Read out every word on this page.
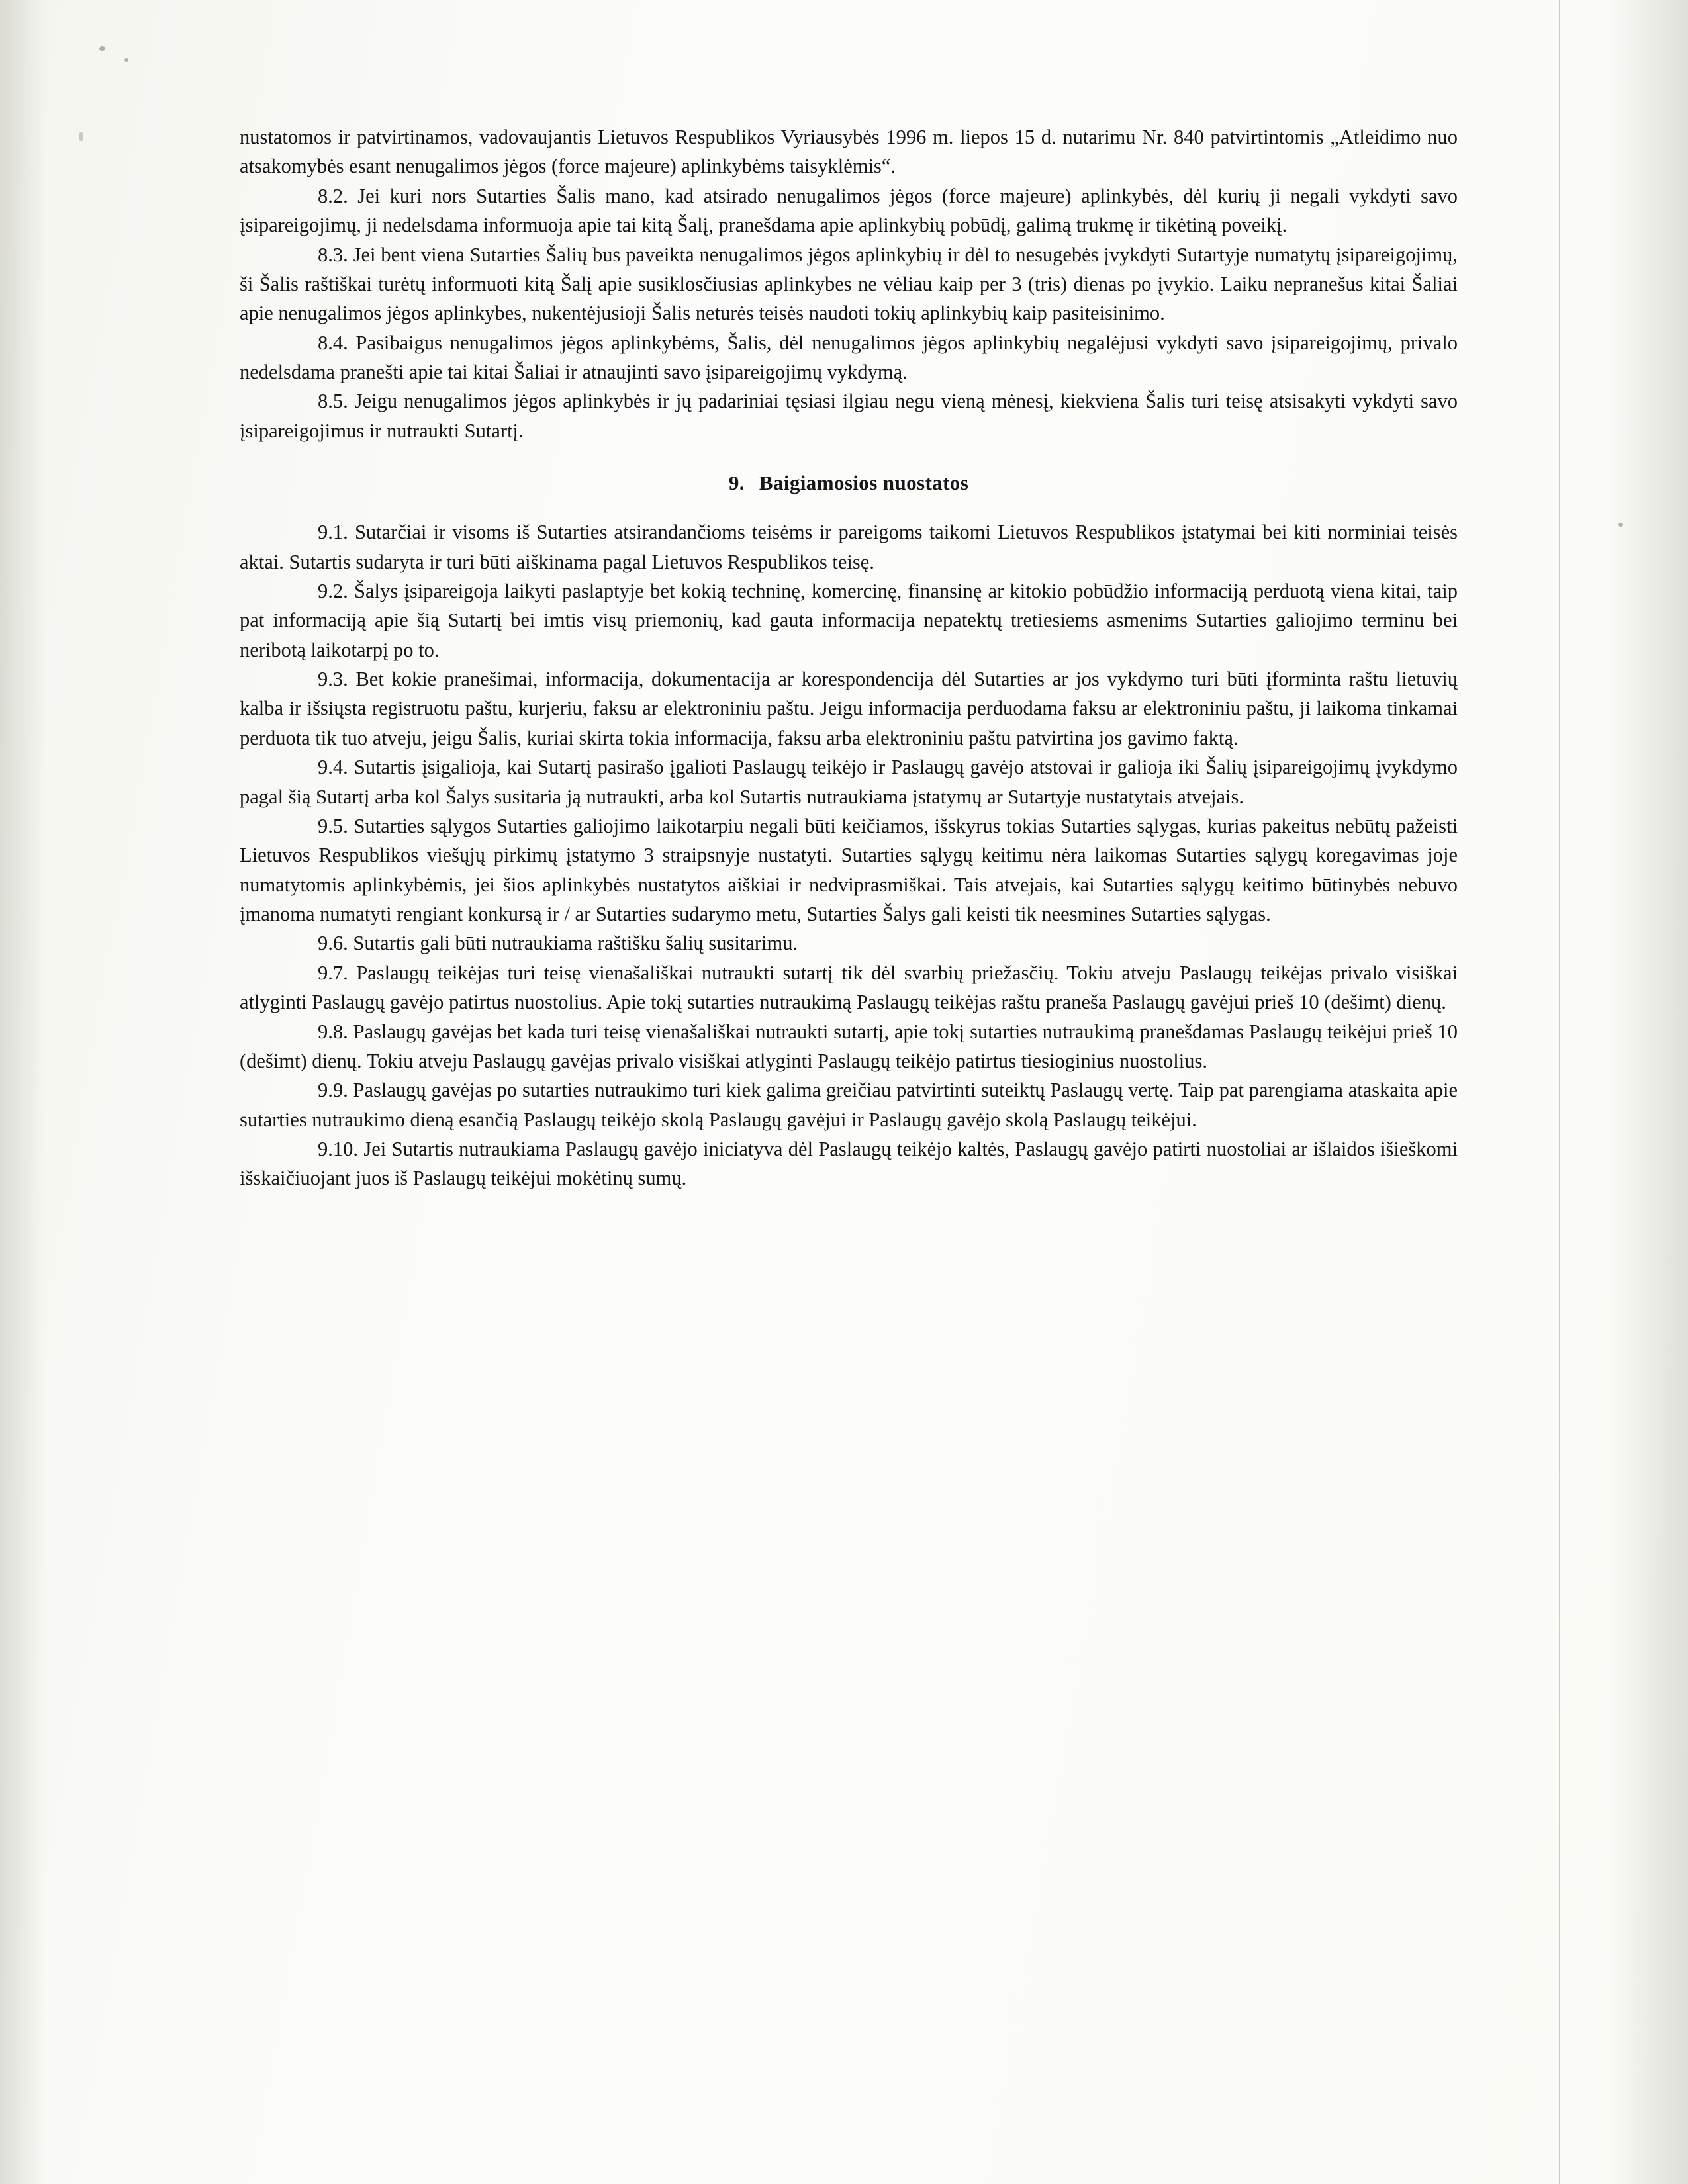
nustatomos ir patvirtinamos, vadovaujantis Lietuvos Respublikos Vyriausybės 1996 m. liepos 15 d. nutarimu Nr. 840 patvirtintomis „Atleidimo nuo atsakomybės esant nenugalimos jėgos (force majeure) aplinkybėms taisyklėmis“.

8.2. Jei kuri nors Sutarties Šalis mano, kad atsirado nenugalimos jėgos (force majeure) aplinkybės, dėl kurių ji negali vykdyti savo įsipareigojimų, ji nedelsdama informuoja apie tai kitą Šalį, pranešdama apie aplinkybių pobūdį, galimą trukmę ir tikėtiną poveikį.

8.3. Jei bent viena Sutarties Šalių bus paveikta nenugalimos jėgos aplinkybių ir dėl to nesugebės įvykdyti Sutartyje numatytų įsipareigojimų, ši Šalis raštiškai turėtų informuoti kitą Šalį apie susiklosčiusias aplinkybes ne vėliau kaip per 3 (tris) dienas po įvykio. Laiku nepranešus kitai Šaliai apie nenugalimos jėgos aplinkybes, nukentėjusioji Šalis neturės teisės naudoti tokių aplinkybių kaip pasiteisinimo.

8.4. Pasibaigus nenugalimos jėgos aplinkybėms, Šalis, dėl nenugalimos jėgos aplinkybių negalėjusi vykdyti savo įsipareigojimų, privalo nedelsdama pranešti apie tai kitai Šaliai ir atnaujinti savo įsipareigojimų vykdymą.

8.5. Jeigu nenugalimos jėgos aplinkybės ir jų padariniai tęsiasi ilgiau negu vieną mėnesį, kiekviena Šalis turi teisę atsisakyti vykdyti savo įsipareigojimus ir nutraukti Sutartį.

9. Baigiamosios nuostatos

9.1. Sutarčiai ir visoms iš Sutarties atsirandančioms teisėms ir pareigoms taikomi Lietuvos Respublikos įstatymai bei kiti norminiai teisės aktai. Sutartis sudaryta ir turi būti aiškinama pagal Lietuvos Respublikos teisę.

9.2. Šalys įsipareigoja laikyti paslaptyje bet kokią techninę, komercinę, finansinę ar kitokio pobūdžio informaciją perduotą viena kitai, taip pat informaciją apie šią Sutartį bei imtis visų priemonių, kad gauta informacija nepatektų tretiesiems asmenims Sutarties galiojimo terminu bei neribotą laikotarpį po to.

9.3. Bet kokie pranešimai, informacija, dokumentacija ar korespondencija dėl Sutarties ar jos vykdymo turi būti įforminta raštu lietuvių kalba ir išsiųsta registruotu paštu, kurjeriu, faksu ar elektroniniu paštu. Jeigu informacija perduodama faksu ar elektroniniu paštu, ji laikoma tinkamai perduota tik tuo atveju, jeigu Šalis, kuriai skirta tokia informacija, faksu arba elektroniniu paštu patvirtina jos gavimo faktą.

9.4. Sutartis įsigalioja, kai Sutartį pasirašo įgalioti Paslaugų teikėjo ir Paslaugų gavėjo atstovai ir galioja iki Šalių įsipareigojimų įvykdymo pagal šią Sutartį arba kol Šalys susitaria ją nutraukti, arba kol Sutartis nutraukiama įstatymų ar Sutartyje nustatytais atvejais.

9.5. Sutarties sąlygos Sutarties galiojimo laikotarpiu negali būti keičiamos, išskyrus tokias Sutarties sąlygas, kurias pakeitus nebūtų pažeisti Lietuvos Respublikos viešųjų pirkimų įstatymo 3 straipsnyje nustatyti. Sutarties sąlygų keitimu nėra laikomas Sutarties sąlygų koregavimas joje numatytomis aplinkybėmis, jei šios aplinkybės nustatytos aiškiai ir nedviprasmiškai. Tais atvejais, kai Sutarties sąlygų keitimo būtinybės nebuvo įmanoma numatyti rengiant konkursą ir / ar Sutarties sudarymo metu, Sutarties Šalys gali keisti tik neesmines Sutarties sąlygas.

9.6. Sutartis gali būti nutraukiama raštišku šalių susitarimu.

9.7. Paslaugų teikėjas turi teisę vienašališkai nutraukti sutartį tik dėl svarbių priežasčių. Tokiu atveju Paslaugų teikėjas privalo visiškai atlyginti Paslaugų gavėjo patirtus nuostolius. Apie tokį sutarties nutraukimą Paslaugų teikėjas raštu praneša Paslaugų gavėjui prieš 10 (dešimt) dienų.

9.8. Paslaugų gavėjas bet kada turi teisę vienašališkai nutraukti sutartį, apie tokį sutarties nutraukimą pranešdamas Paslaugų teikėjui prieš 10 (dešimt) dienų. Tokiu atveju Paslaugų gavėjas privalo visiškai atlyginti Paslaugų teikėjo patirtus tiesioginius nuostolius.

9.9. Paslaugų gavėjas po sutarties nutraukimo turi kiek galima greičiau patvirtinti suteiktų Paslaugų vertę. Taip pat parengiama ataskaita apie sutarties nutraukimo dieną esančią Paslaugų teikėjo skolą Paslaugų gavėjui ir Paslaugų gavėjo skolą Paslaugų teikėjui.

9.10. Jei Sutartis nutraukiama Paslaugų gavėjo iniciatyva dėl Paslaugų teikėjo kaltės, Paslaugų gavėjo patirti nuostoliai ar išlaidos išieškomi išskaičiuojant juos iš Paslaugų teikėjui mokėtinų sumų.
